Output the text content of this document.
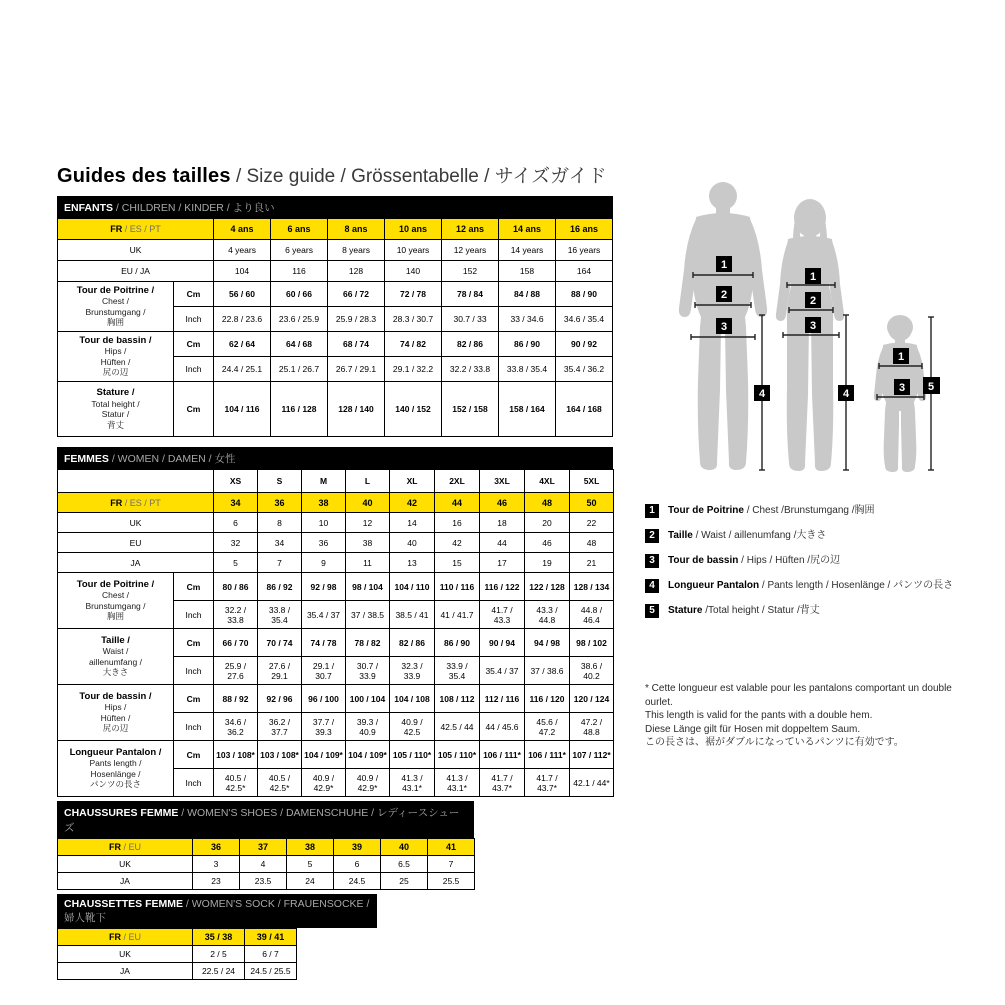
Guides des tailles / Size guide / Grössentabelle / サイズガイド
ENFANTS / CHILDREN / KINDER / より良い
FR / ES / PT		4 ans	6 ans	8 ans	10 ans	12 ans	14 ans	16 ans
UK		4 years	6 years	8 years	10 years	12 years	14 years	16 years
EU / JA		104	116	128	140	152	158	164

Tour de Poitrine /
Chest /
Brunstumgang /
胸囲	Cm	56 / 60	60 / 66	66 / 72	72 / 78	78 / 84	84 / 88	88 / 90
	Inch	22.8 / 23.6	23.6 / 25.9	25.9 / 28.3	28.3 / 30.7	30.7 / 33	33 / 34.6	34.6 / 35.4

Tour de bassin /
Hips /
Hüften /
尻の辺	Cm	62 / 64	64 / 68	68 / 74	74 / 82	82 / 86	86 / 90	90 / 92
	Inch	24.4 / 25.1	25.1 / 26.7	26.7 / 29.1	29.1 / 32.2	32.2 / 33.8	33.8 / 35.4	35.4 / 36.2

Stature /
Total height /
Statur /
背丈	Cm	104 / 116	116 / 128	128 / 140	140 / 152	152 / 158	158 / 164	164 / 168
FEMMES / WOMEN / DAMEN / 女性
		XS	S	M	L	XL	2XL	3XL	4XL	5XL
FR / ES / PT		34	36	38	40	42	44	46	48	50
UK		6	8	10	12	14	16	18	20	22
EU		32	34	36	38	40	42	44	46	48
JA		5	7	9	11	13	15	17	19	21

Tour de Poitrine /
Chest /
Brunstumgang /
胸囲	Cm	80 / 86	86 / 92	92 / 98	98 / 104	104 / 110	110 / 116	116 / 122	122 / 128	128 / 134
	Inch	32.2 / 33.8	33.8 / 35.4	35.4 / 37	37 / 38.5	38.5 / 41	41 / 41.7	41.7 / 43.3	43.3 / 44.8	44.8 / 46.4

Taille /
Waist /
aillenumfang /
大きさ	Cm	66 / 70	70 / 74	74 / 78	78 / 82	82 / 86	86 / 90	90 / 94	94 / 98	98 / 102
	Inch	25.9 / 27.6	27.6 / 29.1	29.1 / 30.7	30.7 / 33.9	32.3 / 33.9	33.9 / 35.4	35.4 / 37	37 / 38.6	38.6 / 40.2

Tour de bassin /
Hips /
Hüften /
尻の辺	Cm	88 / 92	92 / 96	96 / 100	100 / 104	104 / 108	108 / 112	112 / 116	116 / 120	120 / 124
	Inch	34.6 / 36.2	36.2 / 37.7	37.7 / 39.3	39.3 / 40.9	40.9 / 42.5	42.5 / 44	44 / 45.6	45.6 / 47.2	47.2 / 48.8

Longueur Pantalon /
Pants length /
Hosenlänge /
パンツの長さ	Cm	103 / 108*	103 / 108*	104 / 109*	104 / 109*	105 / 110*	105 / 110*	106 / 111*	106 / 111*	107 / 112*
	Inch	40.5 / 42.5*	40.5 / 42.5*	40.9 / 42.9*	40.9 / 42.9*	41.3 / 43.1*	41.3 / 43.1*	41.7 / 43.7*	41.7 / 43.7*	42.1 / 44*
CHAUSSURES FEMME / WOMEN'S SHOES / DAMENSCHUHE / レディースシューズ
FR / EU	36	37	38	39	40	41
UK	3	4	5	6	6.5	7
JA	23	23.5	24	24.5	25	25.5
CHAUSSETTES FEMME / WOMEN'S SOCK / FRAUENSOCKE / 婦人靴下
FR / EU	35 / 38	39 / 41
UK	2 / 5	6 / 7
JA	22.5 / 24	24.5 / 25.5
1
2
3
4
1
2
3
4
1
3 5
1	Tour de Poitrine / Chest /Brunstumgang /胸囲
2	Taille / Waist / aillenumfang /大きさ
3	Tour de bassin / Hips / Hüften /尻の辺
4	Longueur Pantalon / Pants length / Hosenlänge / パンツの長さ
5	Stature /Total height / Statur /背丈

* Cette longueur est valable pour les pantalons comportant un double ourlet.

This length is valid for the pants with a double hem.

Diese Länge gilt für Hosen mit doppeltem Saum.

この長さは、裾がダブルになっているパンツに有効です。
